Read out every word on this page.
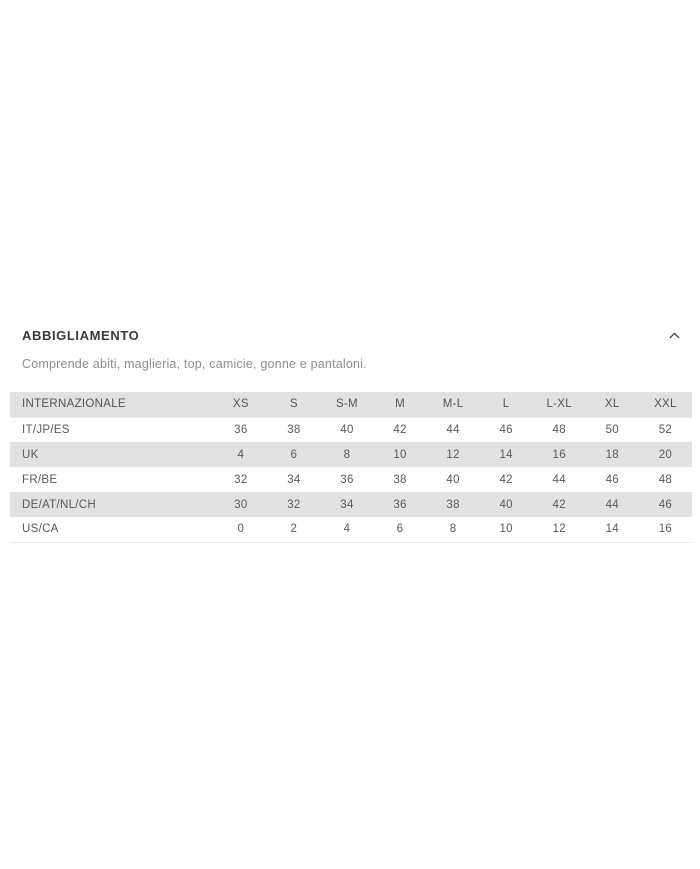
ABBIGLIAMENTO
Comprende abiti, maglieria, top, camicie, gonne e pantaloni.
INTERNAZIONALE	XS	S	S-M	M	M-L	L	L-XL	XL	XXL
IT/JP/ES	36	38	40	42	44	46	48	50	52
UK	4	6	8	10	12	14	16	18	20
FR/BE	32	34	36	38	40	42	44	46	48
DE/AT/NL/CH	30	32	34	36	38	40	42	44	46
US/CA	0	2	4	6	8	10	12	14	16
